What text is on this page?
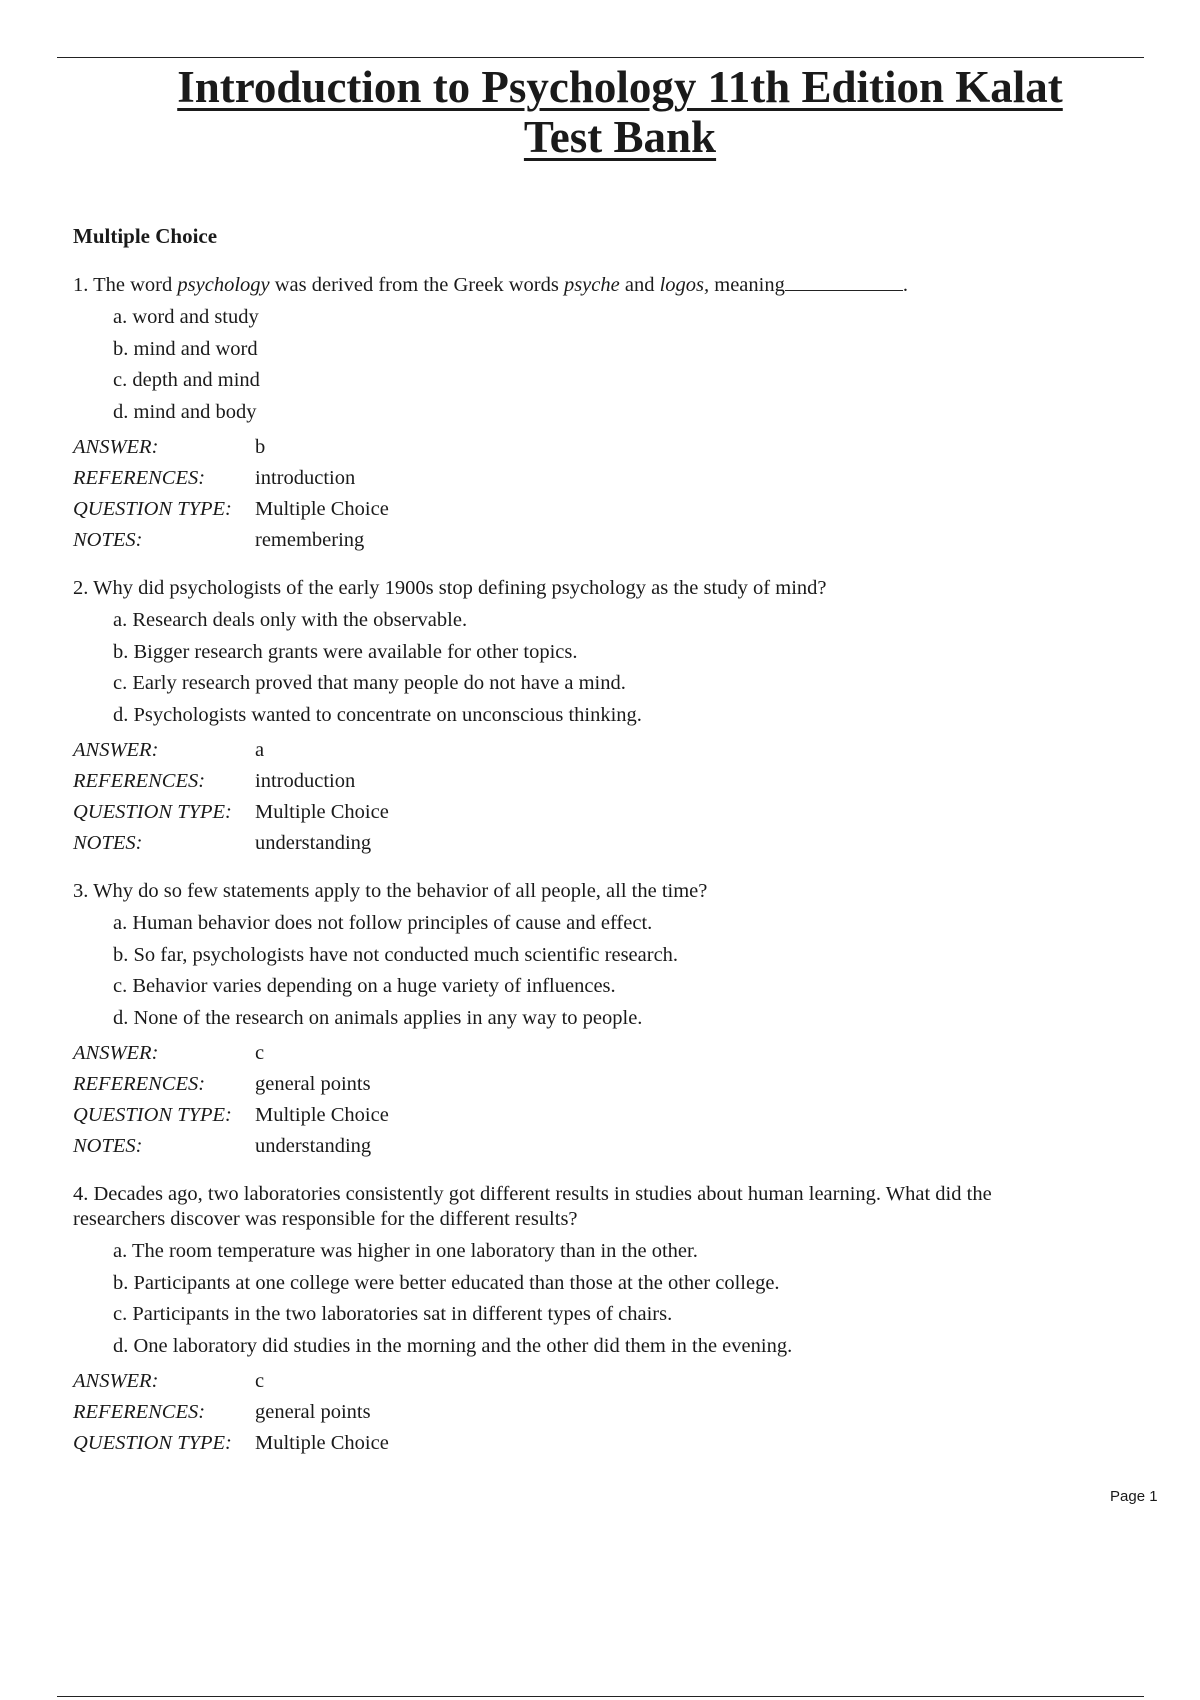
Introduction to Psychology 11th Edition Kalat
Test Bank
Multiple Choice
1. The word psychology was derived from the Greek words psyche and logos, meaning	.
a. word and study
b. mind and word
c. depth and mind
d. mind and body
ANSWER:	b
REFERENCES:	introduction
QUESTION TYPE:	Multiple Choice
NOTES:	remembering
2. Why did psychologists of the early 1900s stop defining psychology as the study of mind?
a. Research deals only with the observable.
b. Bigger research grants were available for other topics.
c. Early research proved that many people do not have a mind.
d. Psychologists wanted to concentrate on unconscious thinking.
ANSWER:	a
REFERENCES:	introduction
QUESTION TYPE:	Multiple Choice
NOTES:	understanding
3. Why do so few statements apply to the behavior of all people, all the time?
a. Human behavior does not follow principles of cause and effect.
b. So far, psychologists have not conducted much scientific research.
c. Behavior varies depending on a huge variety of influences.
d. None of the research on animals applies in any way to people.
ANSWER:	c
REFERENCES:	general points
QUESTION TYPE:	Multiple Choice
NOTES:	understanding
4. Decades ago, two laboratories consistently got different results in studies about human learning. What did the researchers discover was responsible for the different results?
a. The room temperature was higher in one laboratory than in the other.
b. Participants at one college were better educated than those at the other college.
c. Participants in the two laboratories sat in different types of chairs.
d. One laboratory did studies in the morning and the other did them in the evening.
ANSWER:	c
REFERENCES:	general points
QUESTION TYPE:	Multiple Choice
Page 1
